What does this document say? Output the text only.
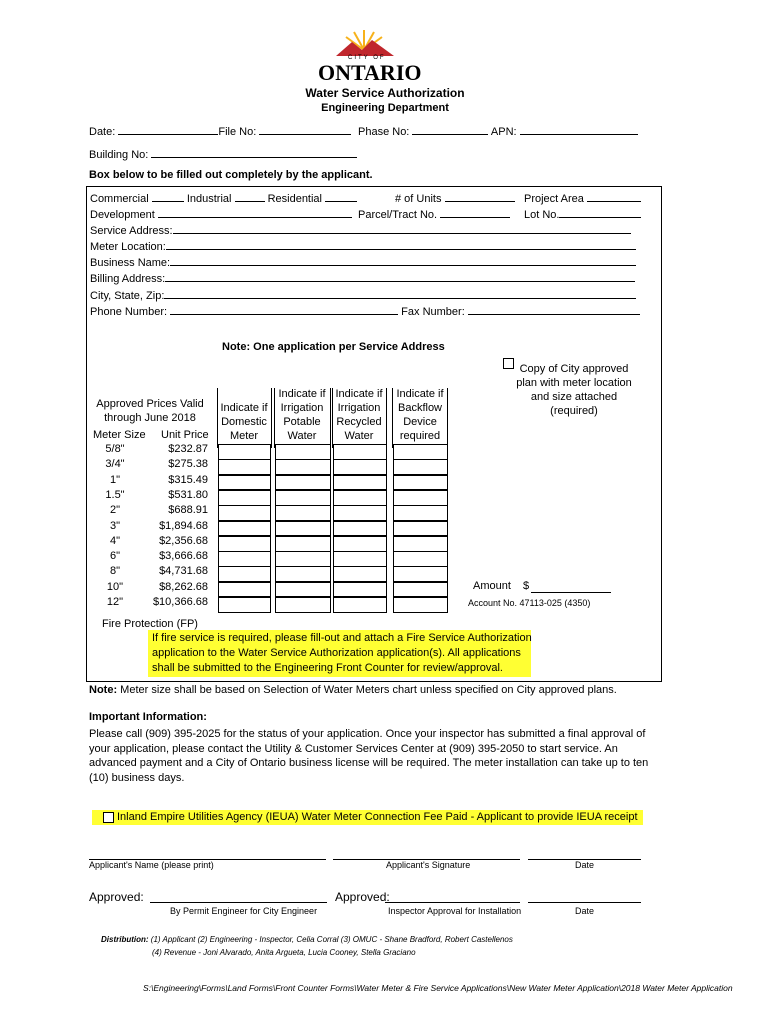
CITY OF
ONTARIO
Water Service Authorization
Engineering Department
Date:	File No:	Phase No:	APN:
Building No:
Box below to be filled out completely by the applicant.
Commercial	Industrial	Residential	# of Units	Project Area
Development	Parcel/Tract No.	Lot No.
Service Address:
Meter Location:
Business Name:
Billing Address:
City, State, Zip:
Phone Number:	Fax Number:
Note: One application per Service Address
Copy of City approved
plan with meter location
and size attached
(required)
Approved Prices Valid
through June 2018
Meter Size Unit Price
Indicate if
Domestic
Meter
Indicate if
Irrigation
Potable
Water
Indicate if
Irrigation
Recycled
Water
Indicate if
Backflow
Device
required
5/8"	$232.87
3/4"	$275.38
1"	$315.49
1.5"	$531.80
2"	$688.91
3"	$1,894.68
4"	$2,356.68
6"	$3,666.68
8"	$4,731.68
10"	$8,262.68
12"	$10,366.68
Amount $
Account No. 47113-025 (4350)
Fire Protection (FP)
If fire service is required, please fill-out and attach a Fire Service Authorization
application to the Water Service Authorization application(s). All applications
shall be submitted to the Engineering Front Counter for review/approval.
Note: Meter size shall be based on Selection of Water Meters chart unless specified on City approved plans.
Important Information:
Please call (909) 395-2025 for the status of your application. Once your inspector has submitted a final approval of
your application, please contact the Utility & Customer Services Center at (909) 395-2050 to start service. An
advanced payment and a City of Ontario business license will be required. The meter installation can take up to ten
(10) business days.
Inland Empire Utilities Agency (IEUA) Water Meter Connection Fee Paid - Applicant to provide IEUA receipt
Applicant's Name (please print)	Applicant's Signature	Date
Approved:	Approved:
By Permit Engineer for City Engineer	Inspector Approval for Installation	Date
Distribution: (1) Applicant (2) Engineering - Inspector, Celia Corral (3) OMUC - Shane Bradford, Robert Castellenos
(4) Revenue - Joni Alvarado, Anita Argueta, Lucia Cooney, Stella Graciano
S:\Engineering\Forms\Land Forms\Front Counter Forms\Water Meter & Fire Service Applications\New Water Meter Application\2018 Water Meter Application
